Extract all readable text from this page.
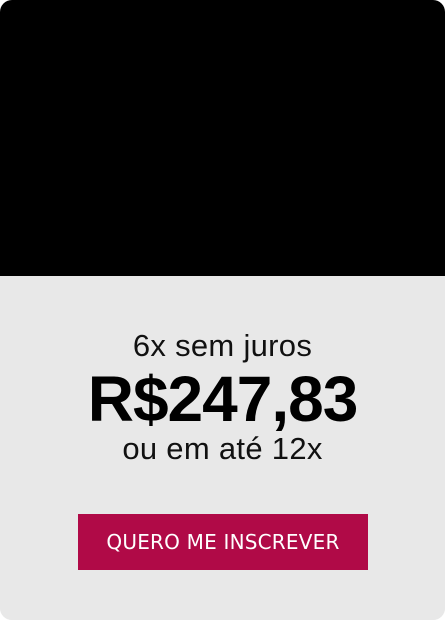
6x sem juros
R$247,83
ou em até 12x
QUERO ME INSCREVER
